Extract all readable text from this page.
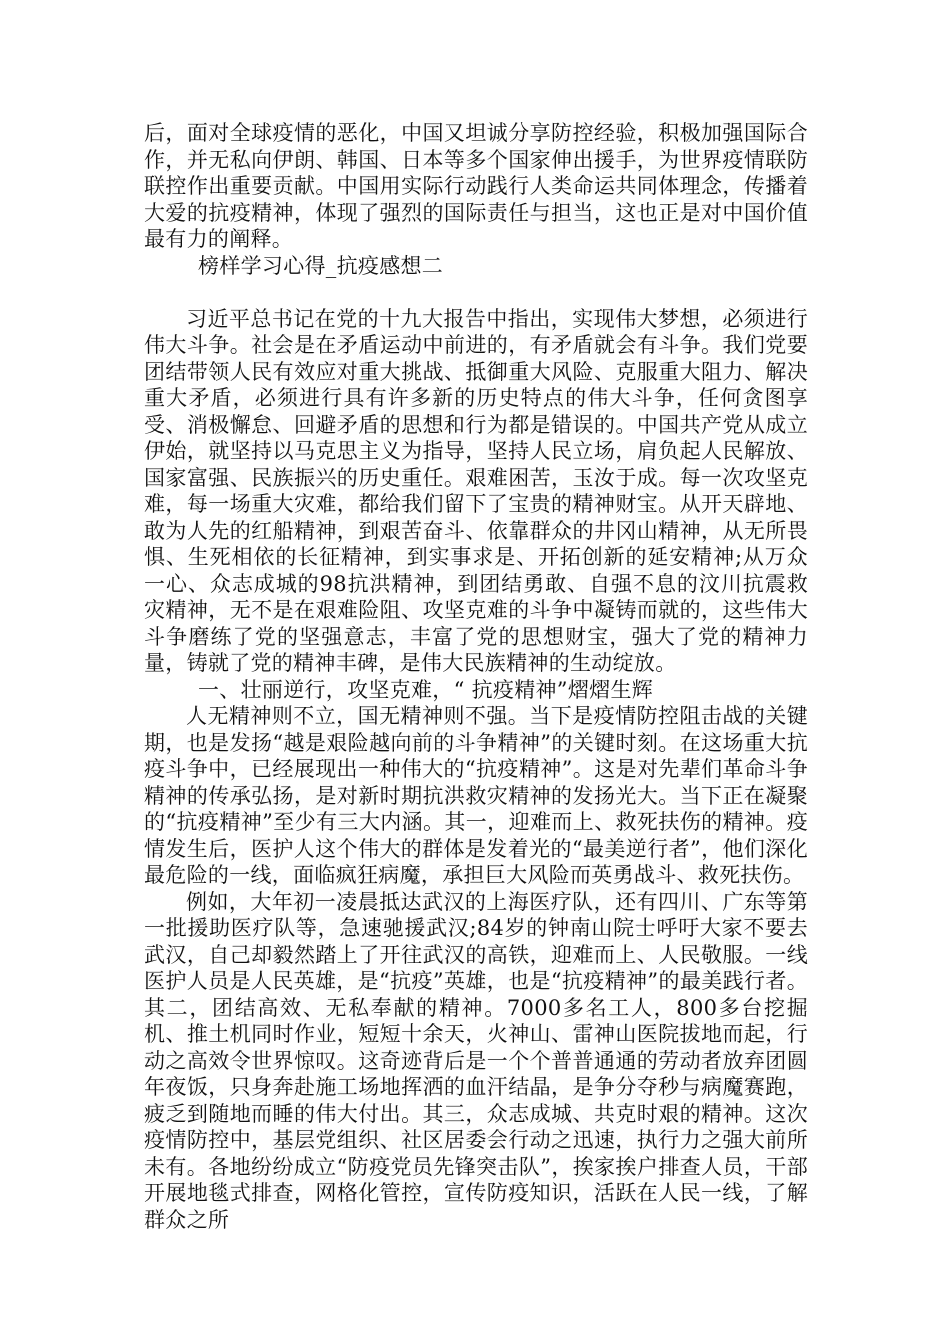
后，面对全球疫情的恶化，中国又坦诚分享防控经验，积极加强国际合作，并无私向伊朗、韩国、日本等多个国家伸出援手，为世界疫情联防联控作出重要贡献。中国用实际行动践行人类命运共同体理念，传播着大爱的抗疫精神，体现了强烈的国际责任与担当，这也正是对中国价值最有力的阐释。

榜样学习心得_抗疫感想二

习近平总书记在党的十九大报告中指出，实现伟大梦想，必须进行伟大斗争。社会是在矛盾运动中前进的，有矛盾就会有斗争。我们党要团结带领人民有效应对重大挑战、抵御重大风险、克服重大阻力、解决重大矛盾，必须进行具有许多新的历史特点的伟大斗争，任何贪图享受、消极懈怠、回避矛盾的思想和行为都是错误的。中国共产党从成立伊始，就坚持以马克思主义为指导，坚持人民立场，肩负起人民解放、国家富强、民族振兴的历史重任。艰难困苦，玉汝于成。每一次攻坚克难，每一场重大灾难，都给我们留下了宝贵的精神财宝。从开天辟地、敢为人先的红船精神，到艰苦奋斗、依靠群众的井冈山精神，从无所畏惧、生死相依的长征精神，到实事求是、开拓创新的延安精神;从万众一心、众志成城的98抗洪精神，到团结勇敢、自强不息的汶川抗震救灾精神，无不是在艰难险阻、攻坚克难的斗争中凝铸而就的，这些伟大斗争磨练了党的坚强意志，丰富了党的思想财宝，强大了党的精神力量，铸就了党的精神丰碑，是伟大民族精神的生动绽放。

一、壮丽逆行，攻坚克难，“ 抗疫精神”熠熠生辉

人无精神则不立，国无精神则不强。当下是疫情防控阻击战的关键期，也是发扬“越是艰险越向前的斗争精神”的关键时刻。在这场重大抗疫斗争中，已经展现出一种伟大的“抗疫精神”。这是对先辈们革命斗争精神的传承弘扬，是对新时期抗洪救灾精神的发扬光大。当下正在凝聚的“抗疫精神”至少有三大内涵。其一，迎难而上、救死扶伤的精神。疫情发生后，医护人这个伟大的群体是发着光的“最美逆行者”，他们深化最危险的一线，面临疯狂病魔，承担巨大风险而英勇战斗、救死扶伤。

例如，大年初一凌晨抵达武汉的上海医疗队，还有四川、广东等第一批援助医疗队等，急速驰援武汉;84岁的钟南山院士呼吁大家不要去武汉，自己却毅然踏上了开往武汉的高铁，迎难而上、人民敬服。一线医护人员是人民英雄，是“抗疫”英雄，也是“抗疫精神”的最美践行者。其二，团结高效、无私奉献的精神。7000多名工人，800多台挖掘机、推土机同时作业，短短十余天，火神山、雷神山医院拔地而起，行动之高效令世界惊叹。这奇迹背后是一个个普普通通的劳动者放弃团圆年夜饭，只身奔赴施工场地挥洒的血汗结晶，是争分夺秒与病魔赛跑，疲乏到随地而睡的伟大付出。其三，众志成城、共克时艰的精神。这次疫情防控中，基层党组织、社区居委会行动之迅速，执行力之强大前所未有。各地纷纷成立“防疫党员先锋突击队”，挨家挨户排查人员，干部开展地毯式排查，网格化管控，宣传防疫知识，活跃在人民一线，了解群众之所
